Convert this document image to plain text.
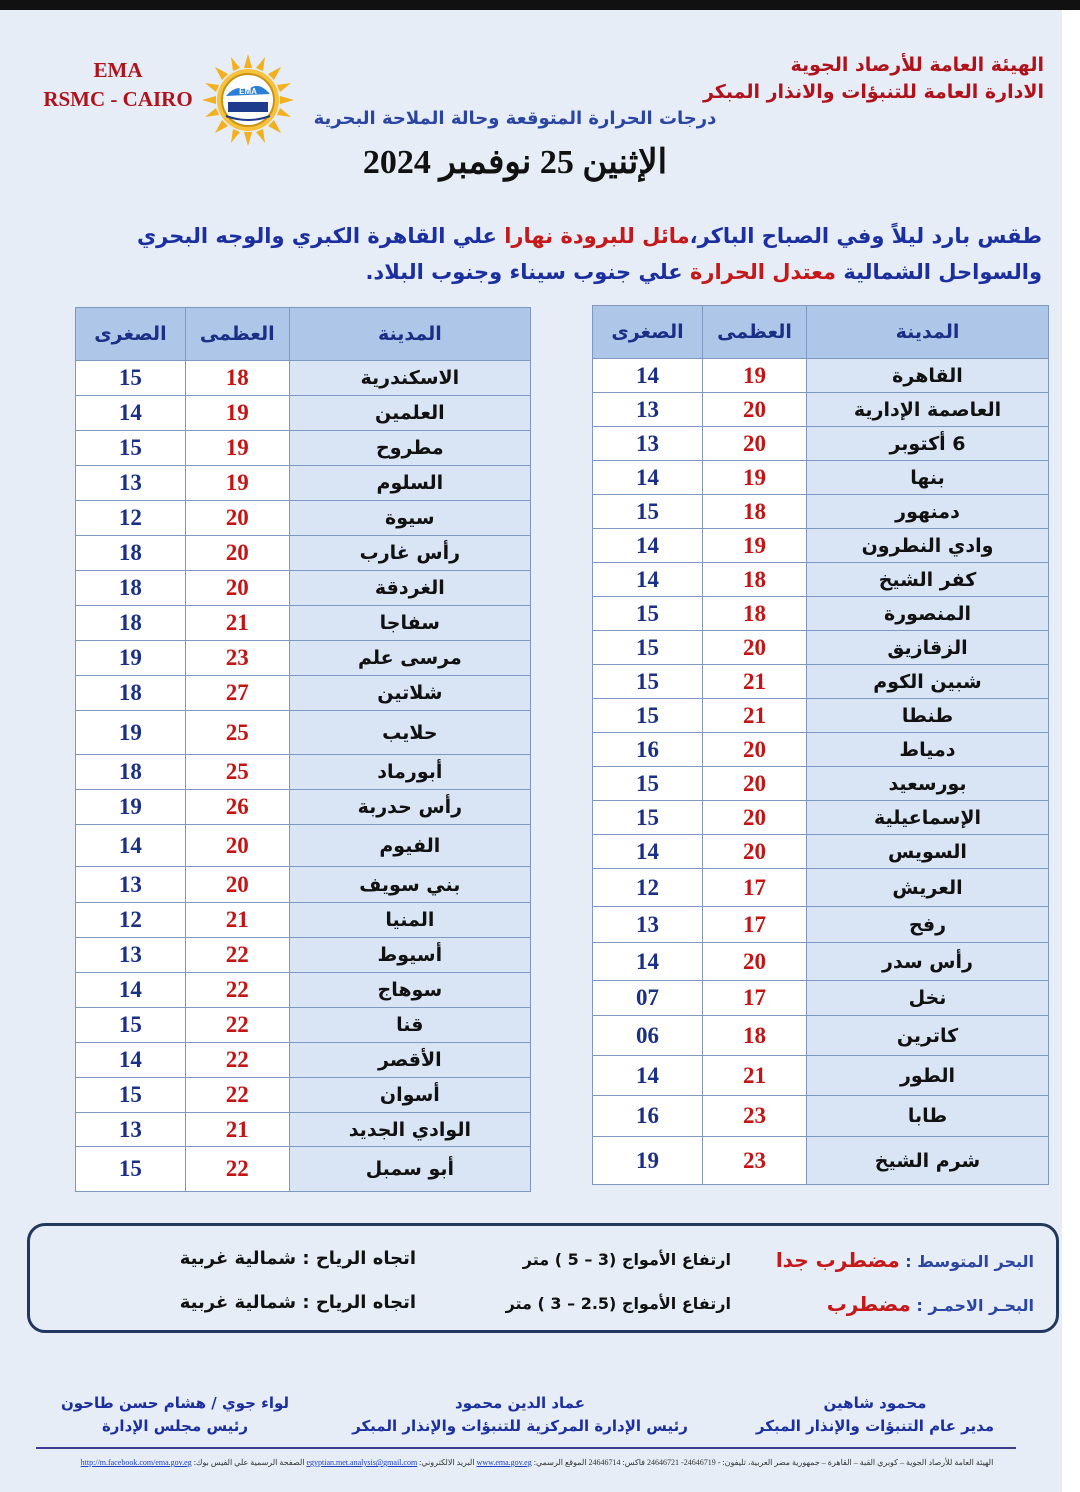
EMA
RSMC - CAIRO	EMA
الهيئة العامة للأرصاد الجوية
الادارة العامة للتنبؤات والانذار المبكر
درجات الحرارة المتوقعة وحالة الملاحة البحرية
الإثنين 25 نوفمبر 2024
طقس بارد ليلاً وفي الصباح الباكر،مائل للبرودة نهارا علي القاهرة الكبري والوجه البحري والسواحل الشمالية معتدل الحرارة علي جنوب سيناء وجنوب البلاد.
المدينة	العظمى	الصغرى
القاهرة	19	14
العاصمة الإدارية	20	13
6 أكتوبر	20	13
بنها	19	14
دمنهور	18	15
وادي النطرون	19	14
كفر الشيخ	18	14
المنصورة	18	15
الزقازيق	20	15
شبين الكوم	21	15
طنطا	21	15
دمياط	20	16
بورسعيد	20	15
الإسماعيلية	20	15
السويس	20	14
العريش	17	12
رفح	17	13
رأس سدر	20	14
نخل	17	07
كاترين	18	06
الطور	21	14
طابا	23	16
شرم الشيخ	23	19
المدينة	العظمى	الصغرى
الاسكندرية	18	15
العلمين	19	14
مطروح	19	15
السلوم	19	13
سيوة	20	12
رأس غارب	20	18
الغردقة	20	18
سفاجا	21	18
مرسى علم	23	19
شلاتين	27	18
حلايب	25	19
أبورماد	25	18
رأس حدربة	26	19
الفيوم	20	14
بني سويف	20	13
المنيا	21	12
أسيوط	22	13
سوهاج	22	14
قنا	22	15
الأقصر	22	14
أسوان	22	15
الوادي الجديد	21	13
أبو سمبل	22	15
البحر المتوسط : مضطرب جدا
ارتفاع الأمواج (3 – 5 ) متر
اتجاه الرياح : شمالية غربية
البحـر الاحمـر : مضطرب
ارتفاع الأمواج (2.5 – 3 ) متر
اتجاه الرياح : شمالية غربية
محمود شاهين
مدير عام التنبؤات والإنذار المبكر
عماد الدين محمود
رئيس الإدارة المركزية للتنبؤات والإنذار المبكر
لواء جوي / هشام حسن طاحون
رئيس مجلس الإدارة
الهيئة العامة للأرصاد الجوية – كوبري القبة – القاهرة – جمهورية مصر العربية، تليفون: - 24646719- 24646721 فاكس: 24646714 الموقع الرسمي: www.ema.gov.eg البريد الالكتروني: egyptian.met.analysis@gmail.com الصفحة الرسمية علي الفيس بوك: http://m.facebook.com/ema.gov.eg
